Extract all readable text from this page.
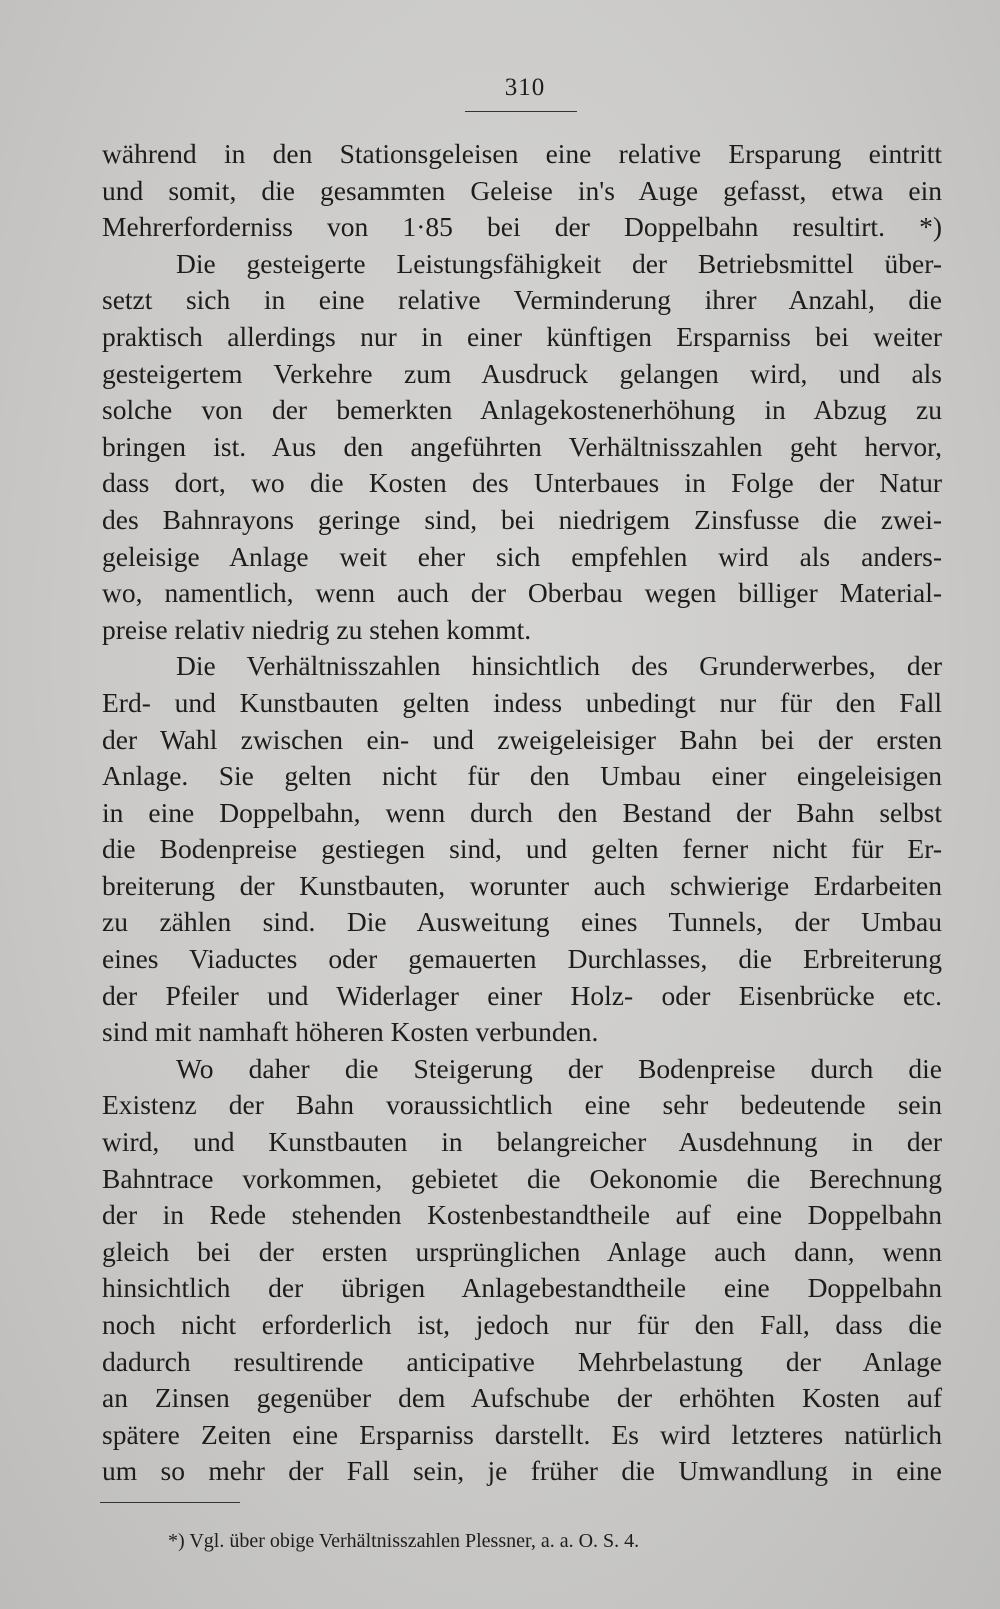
310
während in den Stationsgeleisen eine relative Ersparung eintritt
und somit, die gesammten Geleise in's Auge gefasst, etwa ein
Mehrerforderniss von 1·85 bei der Doppelbahn resultirt. *)
Die gesteigerte Leistungsfähigkeit der Betriebsmittel über-
setzt sich in eine relative Verminderung ihrer Anzahl, die
praktisch allerdings nur in einer künftigen Ersparniss bei weiter
gesteigertem Verkehre zum Ausdruck gelangen wird, und als
solche von der bemerkten Anlagekostenerhöhung in Abzug zu
bringen ist. Aus den angeführten Verhältnisszahlen geht hervor,
dass dort, wo die Kosten des Unterbaues in Folge der Natur
des Bahnrayons geringe sind, bei niedrigem Zinsfusse die zwei-
geleisige Anlage weit eher sich empfehlen wird als anders-
wo, namentlich, wenn auch der Oberbau wegen billiger Material-
preise relativ niedrig zu stehen kommt.
Die Verhältnisszahlen hinsichtlich des Grunderwerbes, der
Erd- und Kunstbauten gelten indess unbedingt nur für den Fall
der Wahl zwischen ein- und zweigeleisiger Bahn bei der ersten
Anlage. Sie gelten nicht für den Umbau einer eingeleisigen
in eine Doppelbahn, wenn durch den Bestand der Bahn selbst
die Bodenpreise gestiegen sind, und gelten ferner nicht für Er-
breiterung der Kunstbauten, worunter auch schwierige Erdarbeiten
zu zählen sind. Die Ausweitung eines Tunnels, der Umbau
eines Viaductes oder gemauerten Durchlasses, die Erbreiterung
der Pfeiler und Widerlager einer Holz- oder Eisenbrücke etc.
sind mit namhaft höheren Kosten verbunden.
Wo daher die Steigerung der Bodenpreise durch die
Existenz der Bahn voraussichtlich eine sehr bedeutende sein
wird, und Kunstbauten in belangreicher Ausdehnung in der
Bahntrace vorkommen, gebietet die Oekonomie die Berechnung
der in Rede stehenden Kostenbestandtheile auf eine Doppelbahn
gleich bei der ersten ursprünglichen Anlage auch dann, wenn
hinsichtlich der übrigen Anlagebestandtheile eine Doppelbahn
noch nicht erforderlich ist, jedoch nur für den Fall, dass die
dadurch resultirende anticipative Mehrbelastung der Anlage
an Zinsen gegenüber dem Aufschube der erhöhten Kosten auf
spätere Zeiten eine Ersparniss darstellt. Es wird letzteres natürlich
um so mehr der Fall sein, je früher die Umwandlung in eine
*) Vgl. über obige Verhältnisszahlen Plessner, a. a. O. S. 4.
